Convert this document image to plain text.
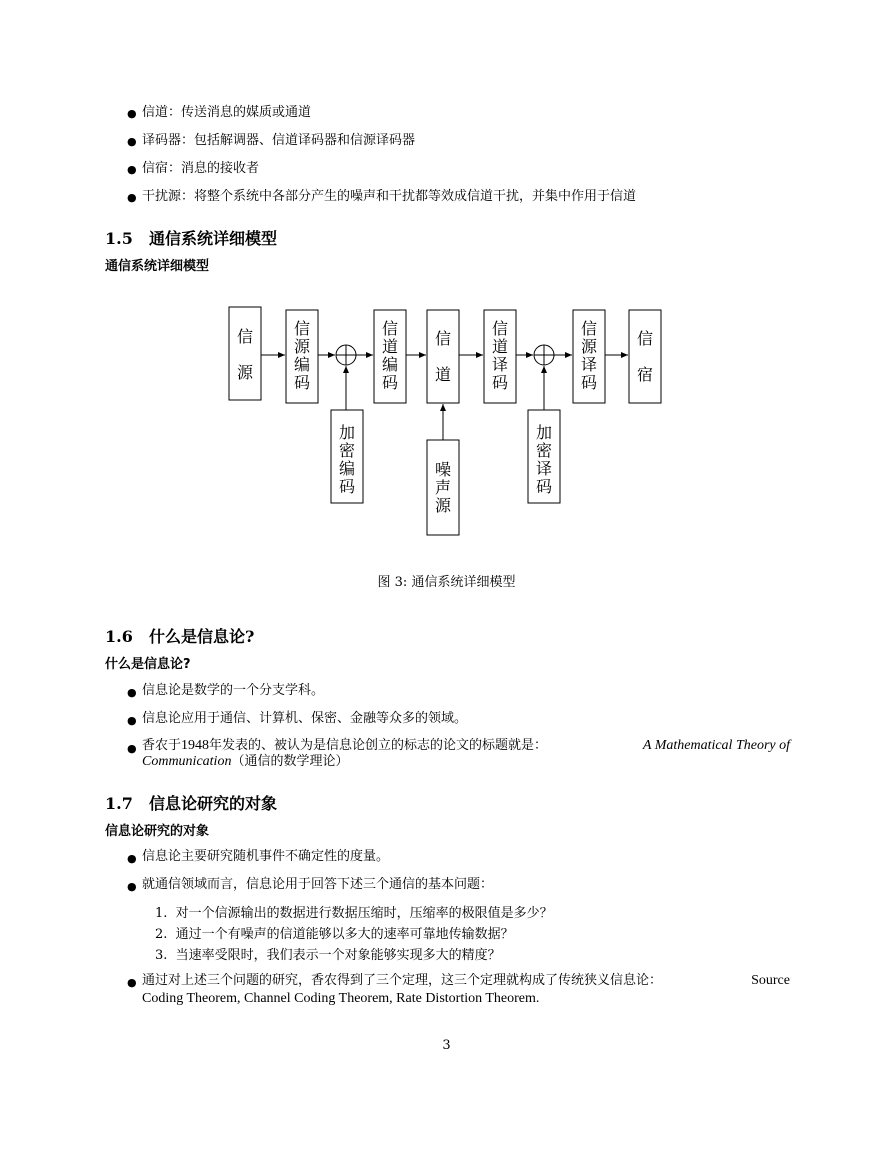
● 信道：传送消息的媒质或通道
● 译码器：包括解调器、信道译码器和信源译码器
● 信宿：消息的接收者
● 干扰源：将整个系统中各部分产生的噪声和干扰都等效成信道干扰，并集中作用于信道
1.5 通信系统详细模型
通信系统详细模型
信
源
信
源
编
码
信
道
编
码
信
道
信
道
译
码
信
源
译
码
信
宿
加
密
编
码
噪
声
源
加
密
译
码
图 3: 通信系统详细模型
1.6 什么是信息论?
什么是信息论?
● 信息论是数学的一个分支学科。
● 信息论应用于通信、计算机、保密、金融等众多的领域。
● 香农于1948年发表的、被认为是信息论创立的标志的论文的标题就是：	A Mathematical Theory of
Communication（通信的数学理论）
1.7 信息论研究的对象
信息论研究的对象
● 信息论主要研究随机事件不确定性的度量。
● 就通信领域而言，信息论用于回答下述三个通信的基本问题：
1. 对一个信源输出的数据进行数据压缩时，压缩率的极限值是多少？
2. 通过一个有噪声的信道能够以多大的速率可靠地传输数据？
3. 当速率受限时，我们表示一个对象能够实现多大的精度？
● 通过对上述三个问题的研究，香农得到了三个定理，这三个定理就构成了传统狭义信息论：	Source
Coding Theorem, Channel Coding Theorem, Rate Distortion Theorem.
3
